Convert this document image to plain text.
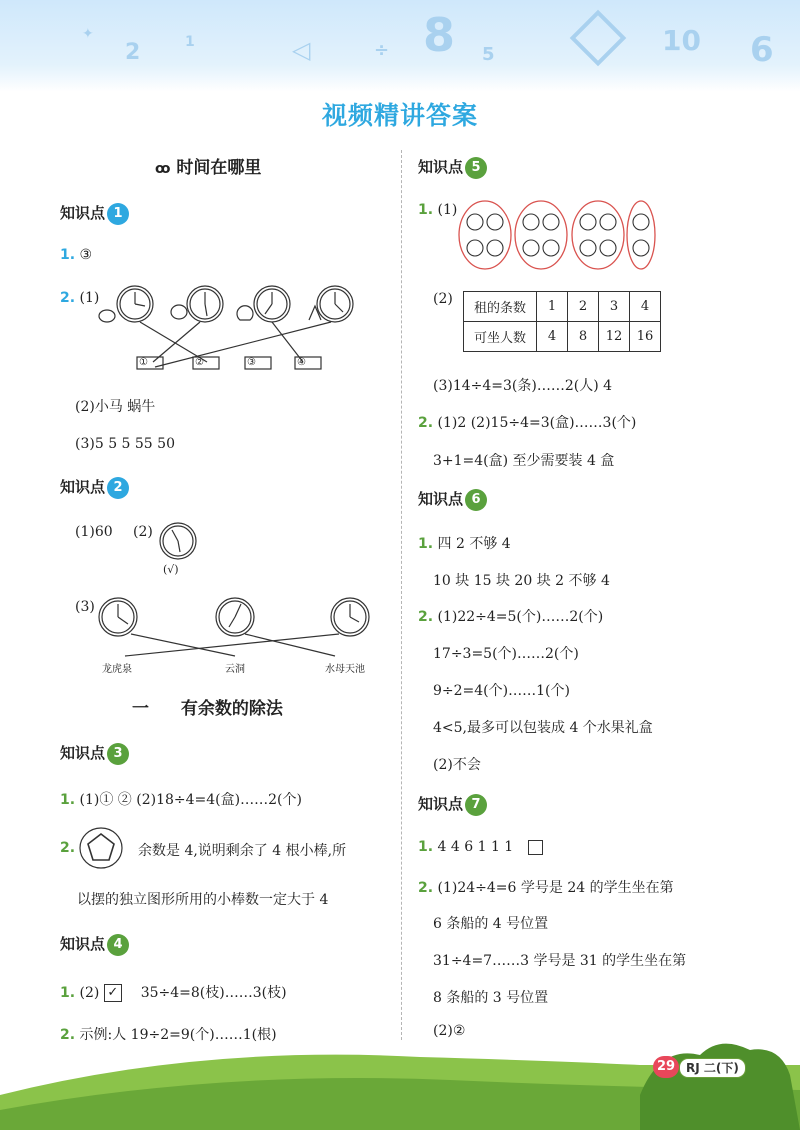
2	1	◁	÷ 8 5	10 6
✦
视频精讲答案
ꝏ 时间在哪里
知识点 1
1. ③
2. (1)
①	②	③	④
(2)小马 蜗牛
(3)5 5 5 55 50
知识点 2
(1)60 (2)
(√)
(3)
龙虎泉	云洞	水母天池
一 有余数的除法
知识点 3
1. (1)① ② (2)18÷4=4(盒)……2(个)
2.	余数是 4,说明剩余了 4 根小棒,所
以摆的独立图形所用的小棒数一定大于 4
知识点 4
1. (2) ✓ 35÷4=8(枝)……3(枝)
2. 示例:人 19÷2=9(个)……1(根)
知识点 5
1. (1)
(2)
租的条数	1	2	3	4
可坐人数	4	8	12	16
(3)14÷4=3(条)……2(人) 4
2. (1)2 (2)15÷4=3(盒)……3(个)
3+1=4(盒) 至少需要装 4 盒
知识点 6
1. 四 2 不够 4
10 块 15 块 20 块 2 不够 4
2. (1)22÷4=5(个)……2(个)
17÷3=5(个)……2(个)
9÷2=4(个)……1(个)
4<5,最多可以包装成 4 个水果礼盒
(2)不会
知识点 7
1. 4 4 6 1 1 1
2. (1)24÷4=6 学号是 24 的学生坐在第
6 条船的 4 号位置
31÷4=7……3 学号是 31 的学生坐在第
8 条船的 3 号位置
(2)②
29 RJ 二(下)
